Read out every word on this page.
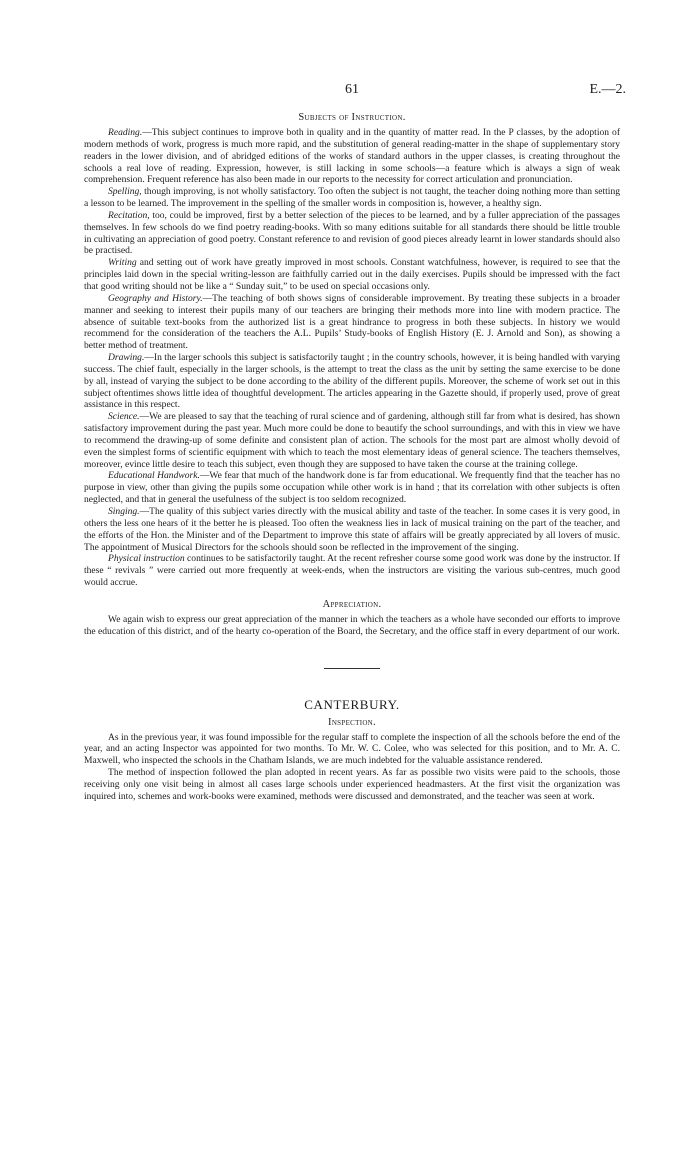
61	E.—2.
Subjects of Instruction.

Reading.—This subject continues to improve both in quality and in the quantity of matter read. In the P classes, by the adoption of modern methods of work, progress is much more rapid, and the substitution of general reading-matter in the shape of supplementary story readers in the lower division, and of abridged editions of the works of standard authors in the upper classes, is creating throughout the schools a real love of reading. Expression, however, is still lacking in some schools—a feature which is always a sign of weak comprehension. Frequent reference has also been made in our reports to the necessity for correct articulation and pronunciation.

Spelling, though improving, is not wholly satisfactory. Too often the subject is not taught, the teacher doing nothing more than setting a lesson to be learned. The improvement in the spelling of the smaller words in composition is, however, a healthy sign.

Recitation, too, could be improved, first by a better selection of the pieces to be learned, and by a fuller appreciation of the passages themselves. In few schools do we find poetry reading-books. With so many editions suitable for all standards there should be little trouble in cultivating an appreciation of good poetry. Constant reference to and revision of good pieces already learnt in lower standards should also be practised.

Writing and setting out of work have greatly improved in most schools. Constant watchfulness, however, is required to see that the principles laid down in the special writing-lesson are faithfully carried out in the daily exercises. Pupils should be impressed with the fact that good writing should not be like a “ Sunday suit,” to be used on special occasions only.

Geography and History.—The teaching of both shows signs of considerable improvement. By treating these subjects in a broader manner and seeking to interest their pupils many of our teachers are bringing their methods more into line with modern practice. The absence of suitable text-books from the authorized list is a great hindrance to progress in both these subjects. In history we would recommend for the consideration of the teachers the A.L. Pupils’ Study-books of English History (E. J. Arnold and Son), as showing a better method of treatment.

Drawing.—In the larger schools this subject is satisfactorily taught ; in the country schools, however, it is being handled with varying success. The chief fault, especially in the larger schools, is the attempt to treat the class as the unit by setting the same exercise to be done by all, instead of varying the subject to be done according to the ability of the different pupils. Moreover, the scheme of work set out in this subject oftentimes shows little idea of thoughtful development. The articles appearing in the Gazette should, if properly used, prove of great assistance in this respect.

Science.—We are pleased to say that the teaching of rural science and of gardening, although still far from what is desired, has shown satisfactory improvement during the past year. Much more could be done to beautify the school surroundings, and with this in view we have to recommend the drawing-up of some definite and consistent plan of action. The schools for the most part are almost wholly devoid of even the simplest forms of scientific equipment with which to teach the most elementary ideas of general science. The teachers themselves, moreover, evince little desire to teach this subject, even though they are supposed to have taken the course at the training college.

Educational Handwork.—We fear that much of the handwork done is far from educational. We frequently find that the teacher has no purpose in view, other than giving the pupils some occupation while other work is in hand ; that its correlation with other subjects is often neglected, and that in general the usefulness of the subject is too seldom recognized.

Singing.—The quality of this subject varies directly with the musical ability and taste of the teacher. In some cases it is very good, in others the less one hears of it the better he is pleased. Too often the weakness lies in lack of musical training on the part of the teacher, and the efforts of the Hon. the Minister and of the Department to improve this state of affairs will be greatly appreciated by all lovers of music. The appointment of Musical Directors for the schools should soon be reflected in the improvement of the singing.

Physical instruction continues to be satisfactorily taught. At the recent refresher course some good work was done by the instructor. If these “ revivals ” were carried out more frequently at week-ends, when the instructors are visiting the various sub-centres, much good would accrue.

Appreciation.

We again wish to express our great appreciation of the manner in which the teachers as a whole have seconded our efforts to improve the education of this district, and of the hearty co-operation of the Board, the Secretary, and the office staff in every department of our work.

CANTERBURY.
Inspection.

As in the previous year, it was found impossible for the regular staff to complete the inspection of all the schools before the end of the year, and an acting Inspector was appointed for two months. To Mr. W. C. Colee, who was selected for this position, and to Mr. A. C. Maxwell, who inspected the schools in the Chatham Islands, we are much indebted for the valuable assistance rendered.

The method of inspection followed the plan adopted in recent years. As far as possible two visits were paid to the schools, those receiving only one visit being in almost all cases large schools under experienced headmasters. At the first visit the organization was inquired into, schemes and work-books were examined, methods were discussed and demonstrated, and the teacher was seen at work.
